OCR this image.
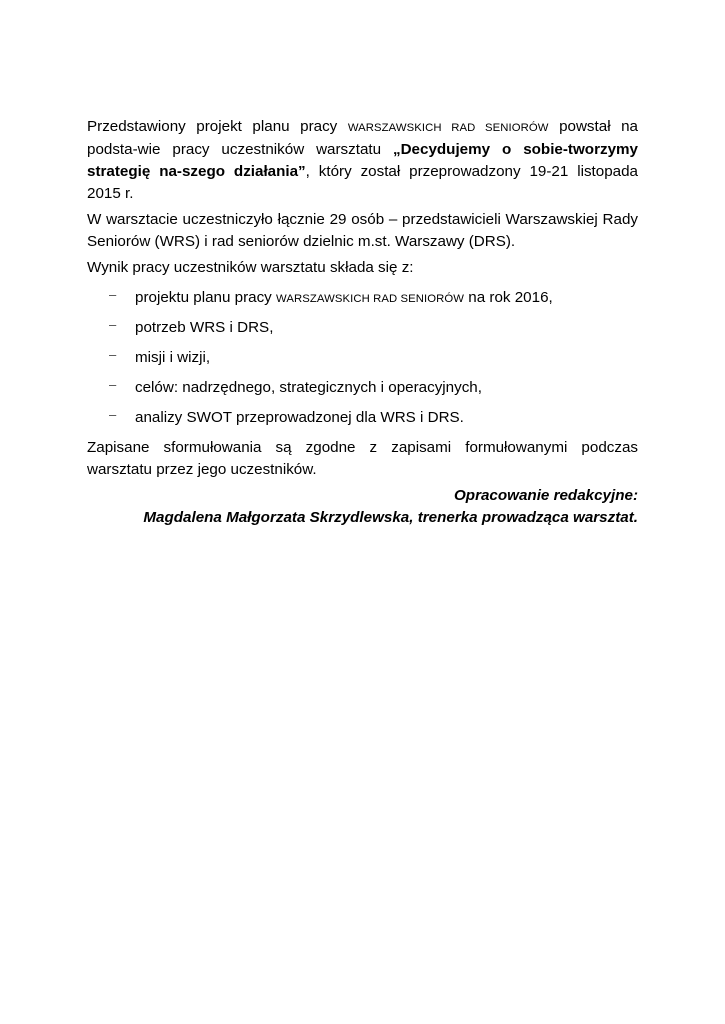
Przedstawiony projekt planu pracy WARSZAWSKICH RAD SENIORÓW powstał na podsta-wie pracy uczestników warsztatu „Decydujemy o sobie-tworzymy strategię na-szego działania”, który został przeprowadzony 19-21 listopada 2015 r.

W warsztacie uczestniczyło łącznie 29 osób – przedstawicieli Warszawskiej Rady Seniorów (WRS) i rad seniorów dzielnic m.st. Warszawy (DRS).

Wynik pracy uczestników warsztatu składa się z:

– projektu planu pracy WARSZAWSKICH RAD SENIORÓW na rok 2016,
– potrzeb WRS i DRS,
– misji i wizji,
– celów: nadrzędnego, strategicznych i operacyjnych,
– analizy SWOT przeprowadzonej dla WRS i DRS.

Zapisane sformułowania są zgodne z zapisami formułowanymi podczas warsztatu przez jego uczestników.

Opracowanie redakcyjne:

Magdalena Małgorzata Skrzydlewska, trenerka prowadząca warsztat.
